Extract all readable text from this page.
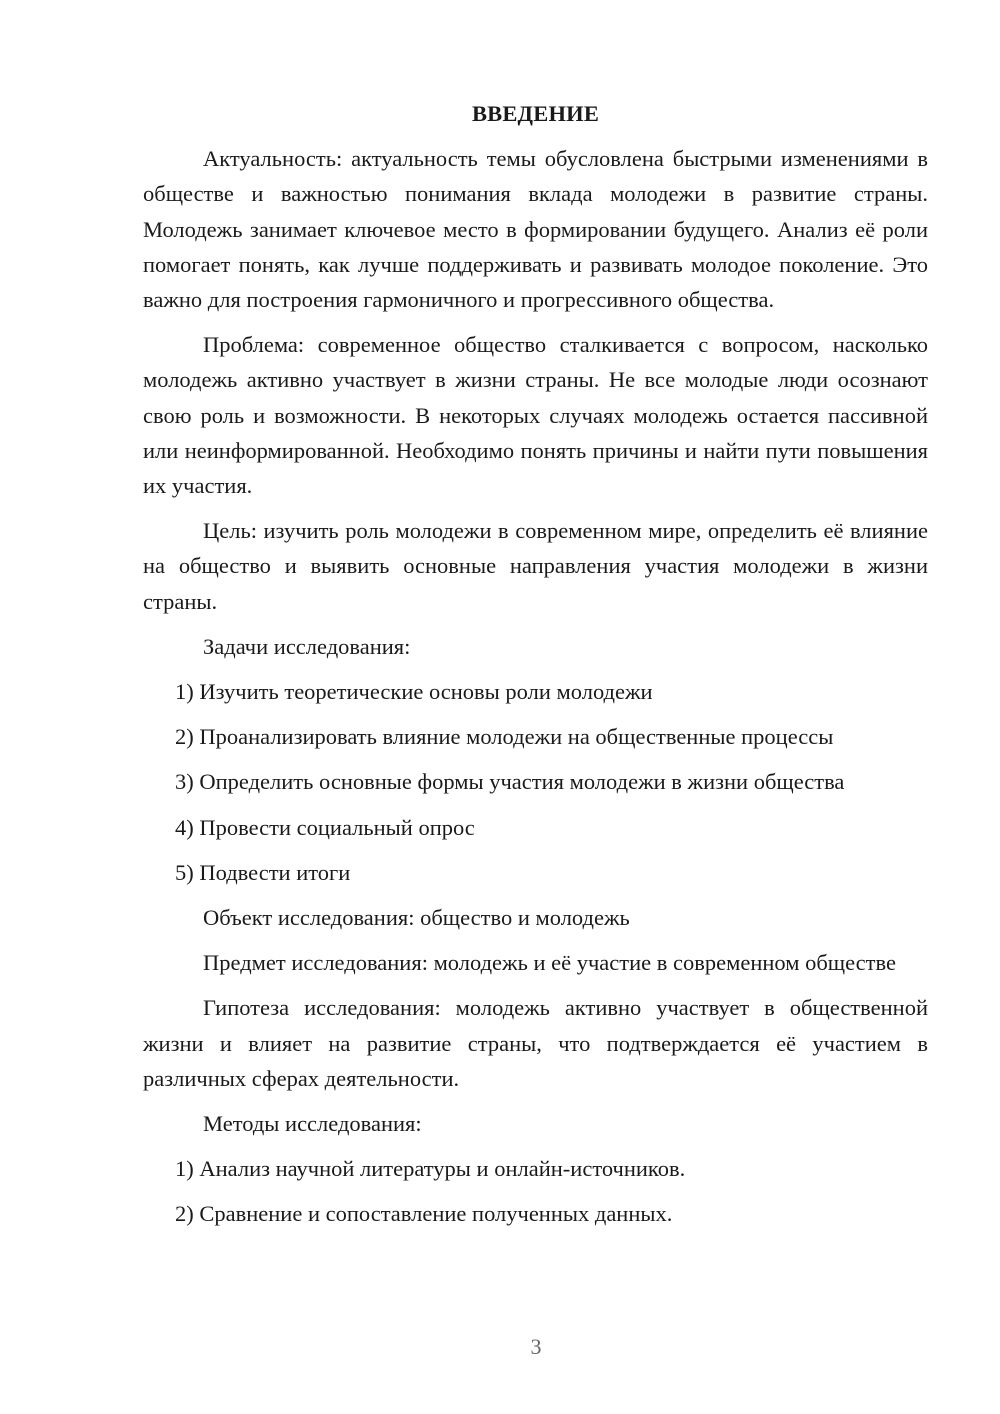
ВВЕДЕНИЕ
Актуальность: актуальность темы обусловлена быстрыми изменениями в обществе и важностью понимания вклада молодежи в развитие страны. Молодежь занимает ключевое место в формировании будущего. Анализ её роли помогает понять, как лучше поддерживать и развивать молодое поколение. Это важно для построения гармоничного и прогрессивного общества.
Проблема: современное общество сталкивается с вопросом, насколько молодежь активно участвует в жизни страны. Не все молодые люди осознают свою роль и возможности. В некоторых случаях молодежь остается пассивной или неинформированной. Необходимо понять причины и найти пути повышения их участия.
Цель: изучить роль молодежи в современном мире, определить её влияние на общество и выявить основные направления участия молодежи в жизни страны.
Задачи исследования:
1) Изучить теоретические основы роли молодежи
2) Проанализировать влияние молодежи на общественные процессы
3) Определить основные формы участия молодежи в жизни общества
4) Провести социальный опрос
5) Подвести итоги
Объект исследования: общество и молодежь
Предмет исследования: молодежь и её участие в современном обществе
Гипотеза исследования: молодежь активно участвует в общественной жизни и влияет на развитие страны, что подтверждается её участием в различных сферах деятельности.
Методы исследования:
1) Анализ научной литературы и онлайн-источников.
2) Сравнение и сопоставление полученных данных.
3
